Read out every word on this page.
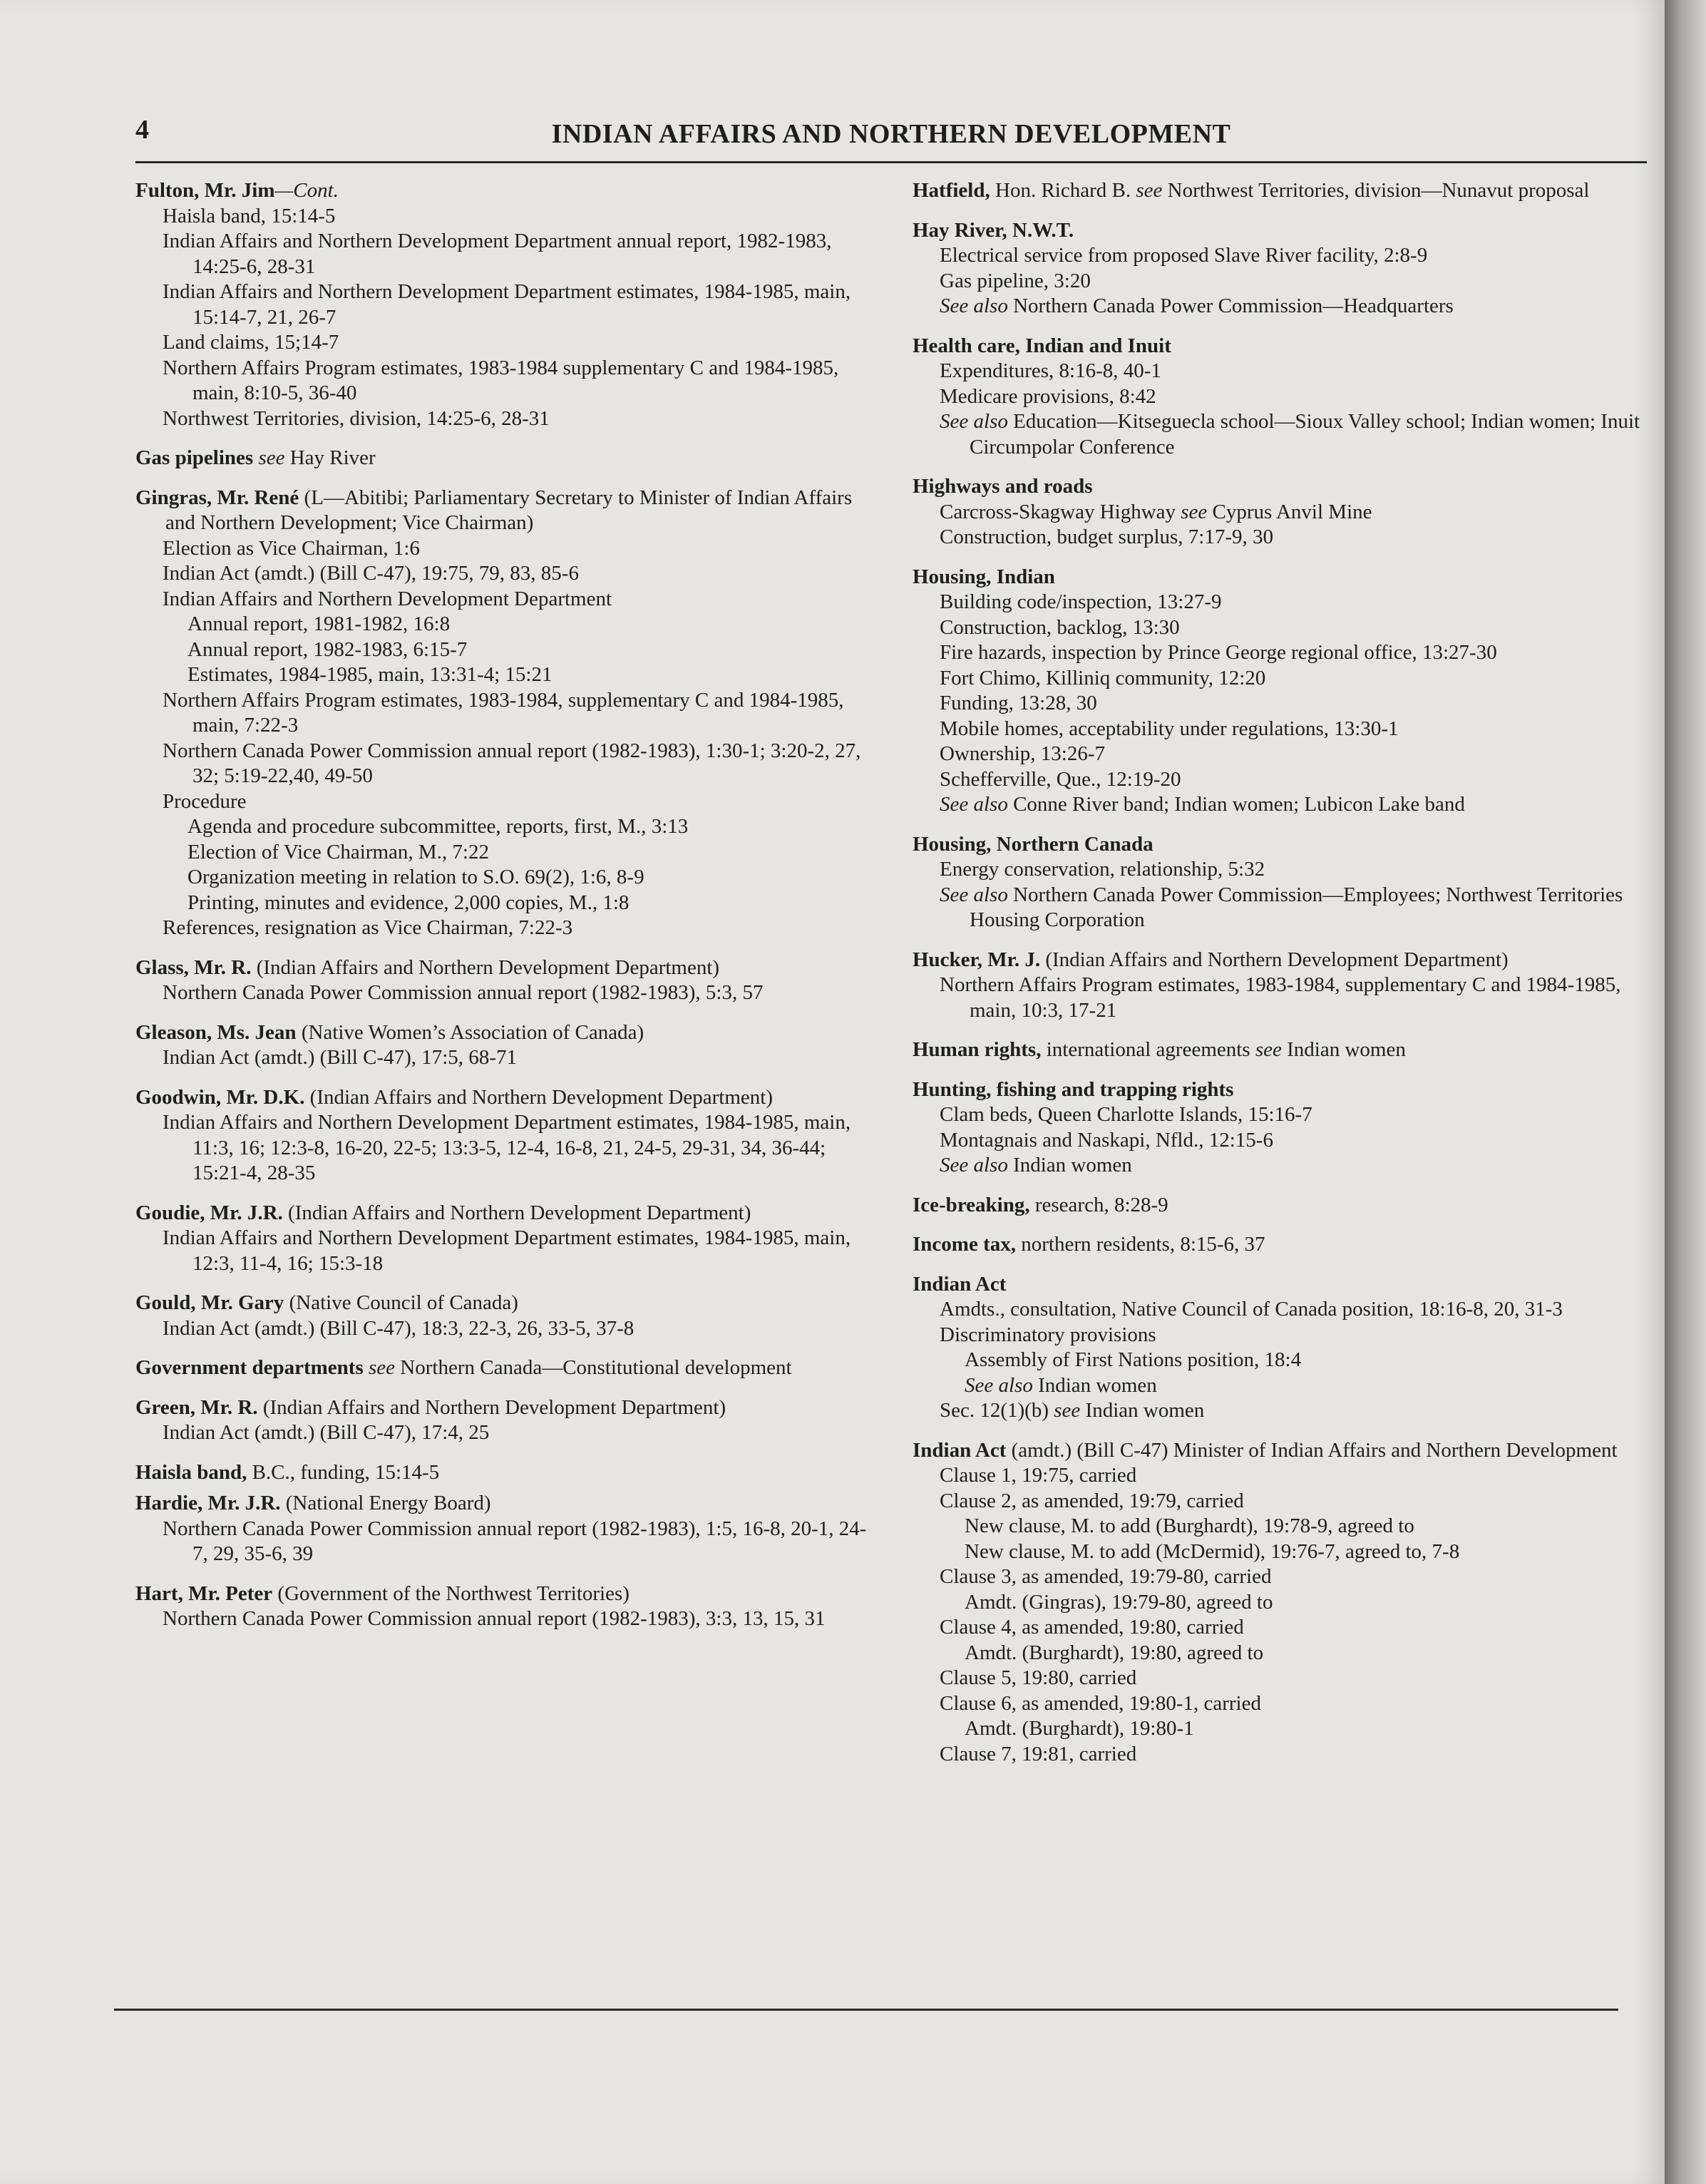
4	INDIAN AFFAIRS AND NORTHERN DEVELOPMENT
Fulton, Mr. Jim—Cont.
Haisla band, 15:14-5
Indian Affairs and Northern Development Department annual report, 1982-1983, 14:25-6, 28-31
Indian Affairs and Northern Development Department estimates, 1984-1985, main, 15:14-7, 21, 26-7
Land claims, 15;14-7
Northern Affairs Program estimates, 1983-1984 supplementary C and 1984-1985, main, 8:10-5, 36-40
Northwest Territories, division, 14:25-6, 28-31
Gas pipelines see Hay River
Gingras, Mr. René (L—Abitibi; Parliamentary Secretary to Minister of Indian Affairs and Northern Development; Vice Chairman)
Election as Vice Chairman, 1:6
Indian Act (amdt.) (Bill C-47), 19:75, 79, 83, 85-6
Indian Affairs and Northern Development Department
Annual report, 1981-1982, 16:8
Annual report, 1982-1983, 6:15-7
Estimates, 1984-1985, main, 13:31-4; 15:21
Northern Affairs Program estimates, 1983-1984, supplementary C and 1984-1985, main, 7:22-3
Northern Canada Power Commission annual report (1982-1983), 1:30-1; 3:20-2, 27, 32; 5:19-22,40, 49-50
Procedure
Agenda and procedure subcommittee, reports, first, M., 3:13
Election of Vice Chairman, M., 7:22
Organization meeting in relation to S.O. 69(2), 1:6, 8-9
Printing, minutes and evidence, 2,000 copies, M., 1:8
References, resignation as Vice Chairman, 7:22-3
Glass, Mr. R. (Indian Affairs and Northern Development Department)
Northern Canada Power Commission annual report (1982-1983), 5:3, 57
Gleason, Ms. Jean (Native Women’s Association of Canada)
Indian Act (amdt.) (Bill C-47), 17:5, 68-71
Goodwin, Mr. D.K. (Indian Affairs and Northern Development Department)
Indian Affairs and Northern Development Department estimates, 1984-1985, main, 11:3, 16; 12:3-8, 16-20, 22-5; 13:3-5, 12-4, 16-8, 21, 24-5, 29-31, 34, 36-44; 15:21-4, 28-35
Goudie, Mr. J.R. (Indian Affairs and Northern Development Department)
Indian Affairs and Northern Development Department estimates, 1984-1985, main, 12:3, 11-4, 16; 15:3-18
Gould, Mr. Gary (Native Council of Canada)
Indian Act (amdt.) (Bill C-47), 18:3, 22-3, 26, 33-5, 37-8
Government departments see Northern Canada—Constitutional development
Green, Mr. R. (Indian Affairs and Northern Development Department)
Indian Act (amdt.) (Bill C-47), 17:4, 25
Haisla band, B.C., funding, 15:14-5
Hardie, Mr. J.R. (National Energy Board)
Northern Canada Power Commission annual report (1982-1983), 1:5, 16-8, 20-1, 24-7, 29, 35-6, 39
Hart, Mr. Peter (Government of the Northwest Territories)
Northern Canada Power Commission annual report (1982-1983), 3:3, 13, 15, 31
Hatfield, Hon. Richard B. see Northwest Territories, division—Nunavut proposal
Hay River, N.W.T.
Electrical service from proposed Slave River facility, 2:8-9
Gas pipeline, 3:20
See also Northern Canada Power Commission—Headquarters
Health care, Indian and Inuit
Expenditures, 8:16-8, 40-1
Medicare provisions, 8:42
See also Education—Kitseguecla school—Sioux Valley school; Indian women; Inuit Circumpolar Conference
Highways and roads
Carcross-Skagway Highway see Cyprus Anvil Mine
Construction, budget surplus, 7:17-9, 30
Housing, Indian
Building code/inspection, 13:27-9
Construction, backlog, 13:30
Fire hazards, inspection by Prince George regional office, 13:27-30
Fort Chimo, Killiniq community, 12:20
Funding, 13:28, 30
Mobile homes, acceptability under regulations, 13:30-1
Ownership, 13:26-7
Schefferville, Que., 12:19-20
See also Conne River band; Indian women; Lubicon Lake band
Housing, Northern Canada
Energy conservation, relationship, 5:32
See also Northern Canada Power Commission—Employees; Northwest Territories Housing Corporation
Hucker, Mr. J. (Indian Affairs and Northern Development Department)
Northern Affairs Program estimates, 1983-1984, supplementary C and 1984-1985, main, 10:3, 17-21
Human rights, international agreements see Indian women
Hunting, fishing and trapping rights
Clam beds, Queen Charlotte Islands, 15:16-7
Montagnais and Naskapi, Nfld., 12:15-6
See also Indian women
Ice-breaking, research, 8:28-9
Income tax, northern residents, 8:15-6, 37
Indian Act
Amdts., consultation, Native Council of Canada position, 18:16-8, 20, 31-3
Discriminatory provisions
Assembly of First Nations position, 18:4
See also Indian women
Sec. 12(1)(b) see Indian women
Indian Act (amdt.) (Bill C-47) Minister of Indian Affairs and Northern Development
Clause 1, 19:75, carried
Clause 2, as amended, 19:79, carried
New clause, M. to add (Burghardt), 19:78-9, agreed to
New clause, M. to add (McDermid), 19:76-7, agreed to, 7-8
Clause 3, as amended, 19:79-80, carried
Amdt. (Gingras), 19:79-80, agreed to
Clause 4, as amended, 19:80, carried
Amdt. (Burghardt), 19:80, agreed to
Clause 5, 19:80, carried
Clause 6, as amended, 19:80-1, carried
Amdt. (Burghardt), 19:80-1
Clause 7, 19:81, carried
